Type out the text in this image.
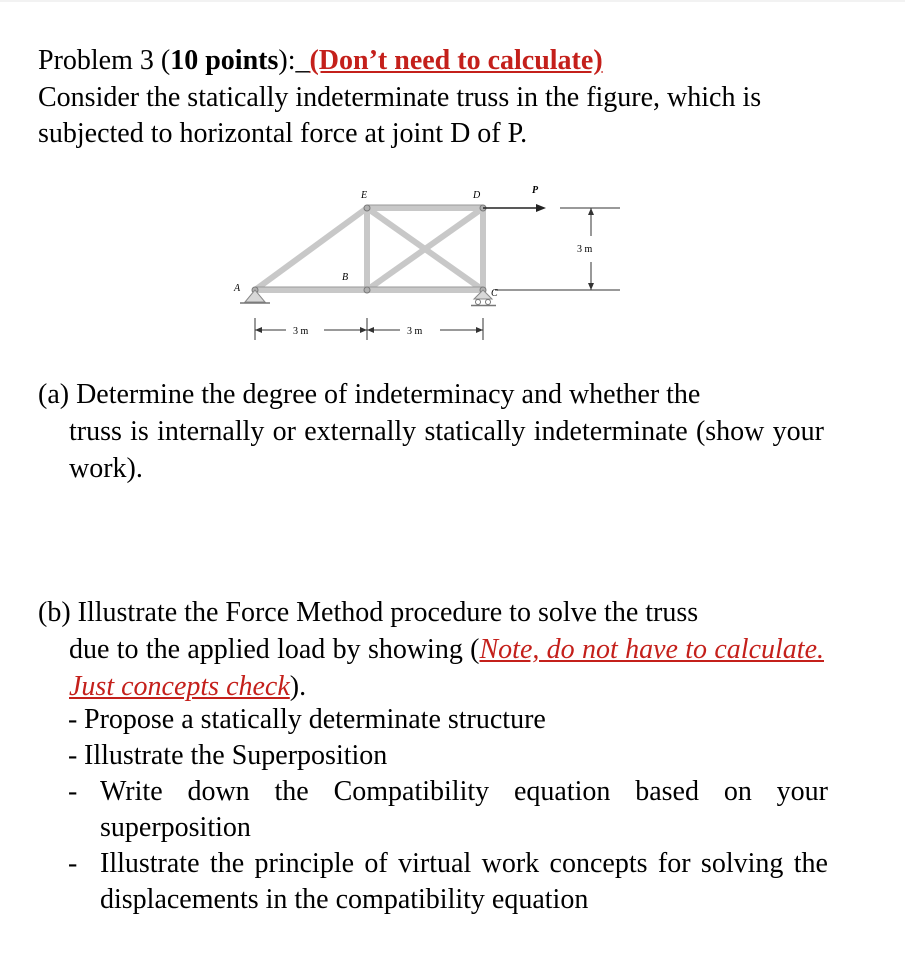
Problem 3 (10 points):_(Don’t need to calculate)
Consider the statically indeterminate truss in the figure, which is subjected to horizontal force at joint D of P.
A
B
C
D
E	P
3 m
3 m	3 m
(a) Determine the degree of indeterminacy and whether the
truss is internally or externally statically indeterminate (show your work).
(b) Illustrate the Force Method procedure to solve the truss
due to the applied load by showing (Note, do not have to calculate. Just concepts check).
- Propose a statically determinate structure
- Illustrate the Superposition
- Write down the Compatibility equation based on your superposition
- Illustrate the principle of virtual work concepts for solving the displacements in the compatibility equation
